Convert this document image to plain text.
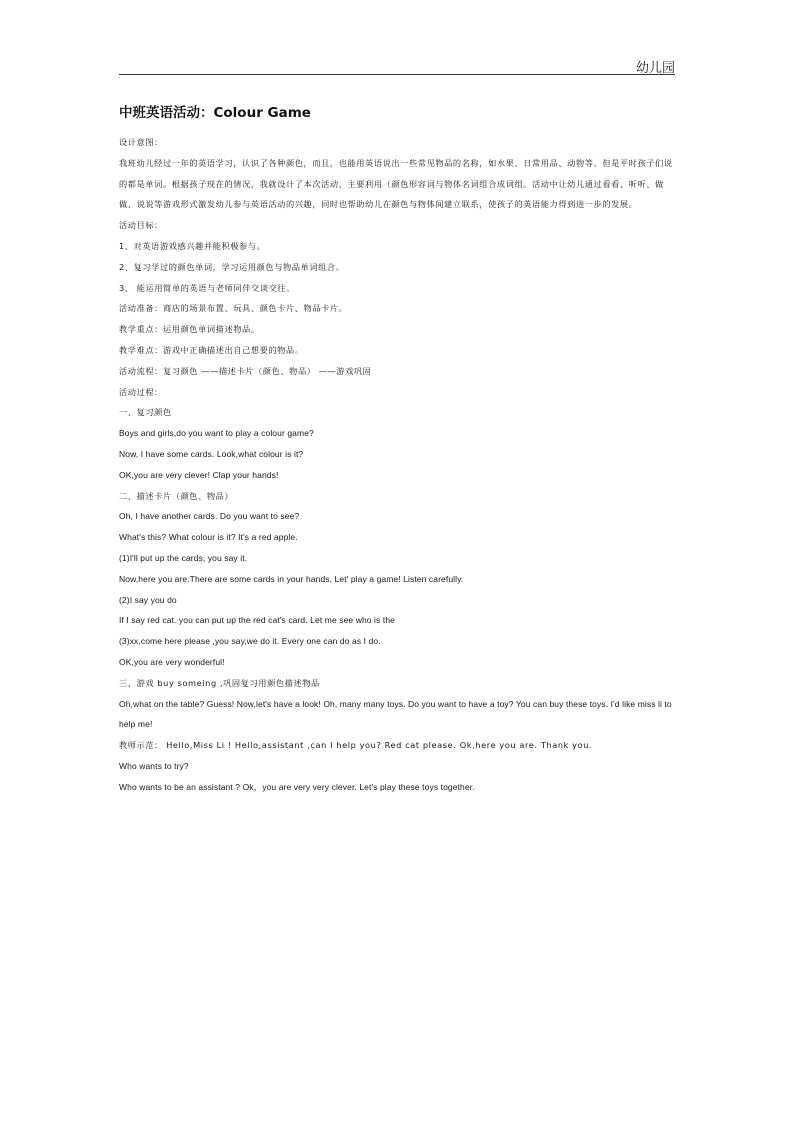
幼儿园
中班英语活动：Colour Game

设计意图：

我班幼儿经过一年的英语学习，认识了各种颜色，而且，也能用英语说出一些常见物品的名称，如水果、日常用品、动物等。但是平时孩子们说的都是单词。根据孩子现在的情况，我就设计了本次活动，主要利用（颜色形容词与物体名词组合成词组。活动中让幼儿通过看看、听听、做做、说说等游戏形式激发幼儿参与英语活动的兴趣，同时也帮助幼儿在颜色与物体间建立联系，使孩子的英语能力得到进一步的发展。

活动目标：

1、对英语游戏感兴趣并能积极参与。

2、复习学过的颜色单词，学习运用颜色与物品单词组合。

3、 能运用简单的英语与老师同伴交谈交往。

活动准备：商店的场景布置、玩具、颜色卡片、物品卡片。

教学重点：运用颜色单词描述物品。

教学难点：游戏中正确描述出自己想要的物品。

活动流程：复习颜色 ——描述卡片（颜色、物品） ——游戏巩固

活动过程：

一、复习颜色

Boys and girls,do you want to play a colour game?

Now, I have some cards. Look,what colour is it?

OK,you are very clever! Clap your hands!

二、描述卡片（颜色、物品）

Oh, I have another cards. Do you want to see?

What's this? What colour is it? It's a red apple.

(1)I'll put up the cards, you say it.

Now,here you are.There are some cards in your hands, Let' play a game! Listen carefully.

(2)I say you do

If I say red cat. you can put up the red cat's card. Let me see who is the

(3)xx,come here please ,you say,we do it. Every one can do as I do.

OK,you are very wonderful!

三、游戏 buy someing ,巩固复习用颜色描述物品

Oh,what on the table? Guess! Now,let's have a look! Oh, many many toys. Do you want to have a toy? You can buy these toys. I'd like miss li to help me!

教师示范： Hello,Miss Li ! Hello,assistant ,can I help you? Red cat please. Ok,here you are. Thank you.

Who wants to try?

Who wants to be an assistant ? Ok，you are very very clever. Let's play these toys together.
